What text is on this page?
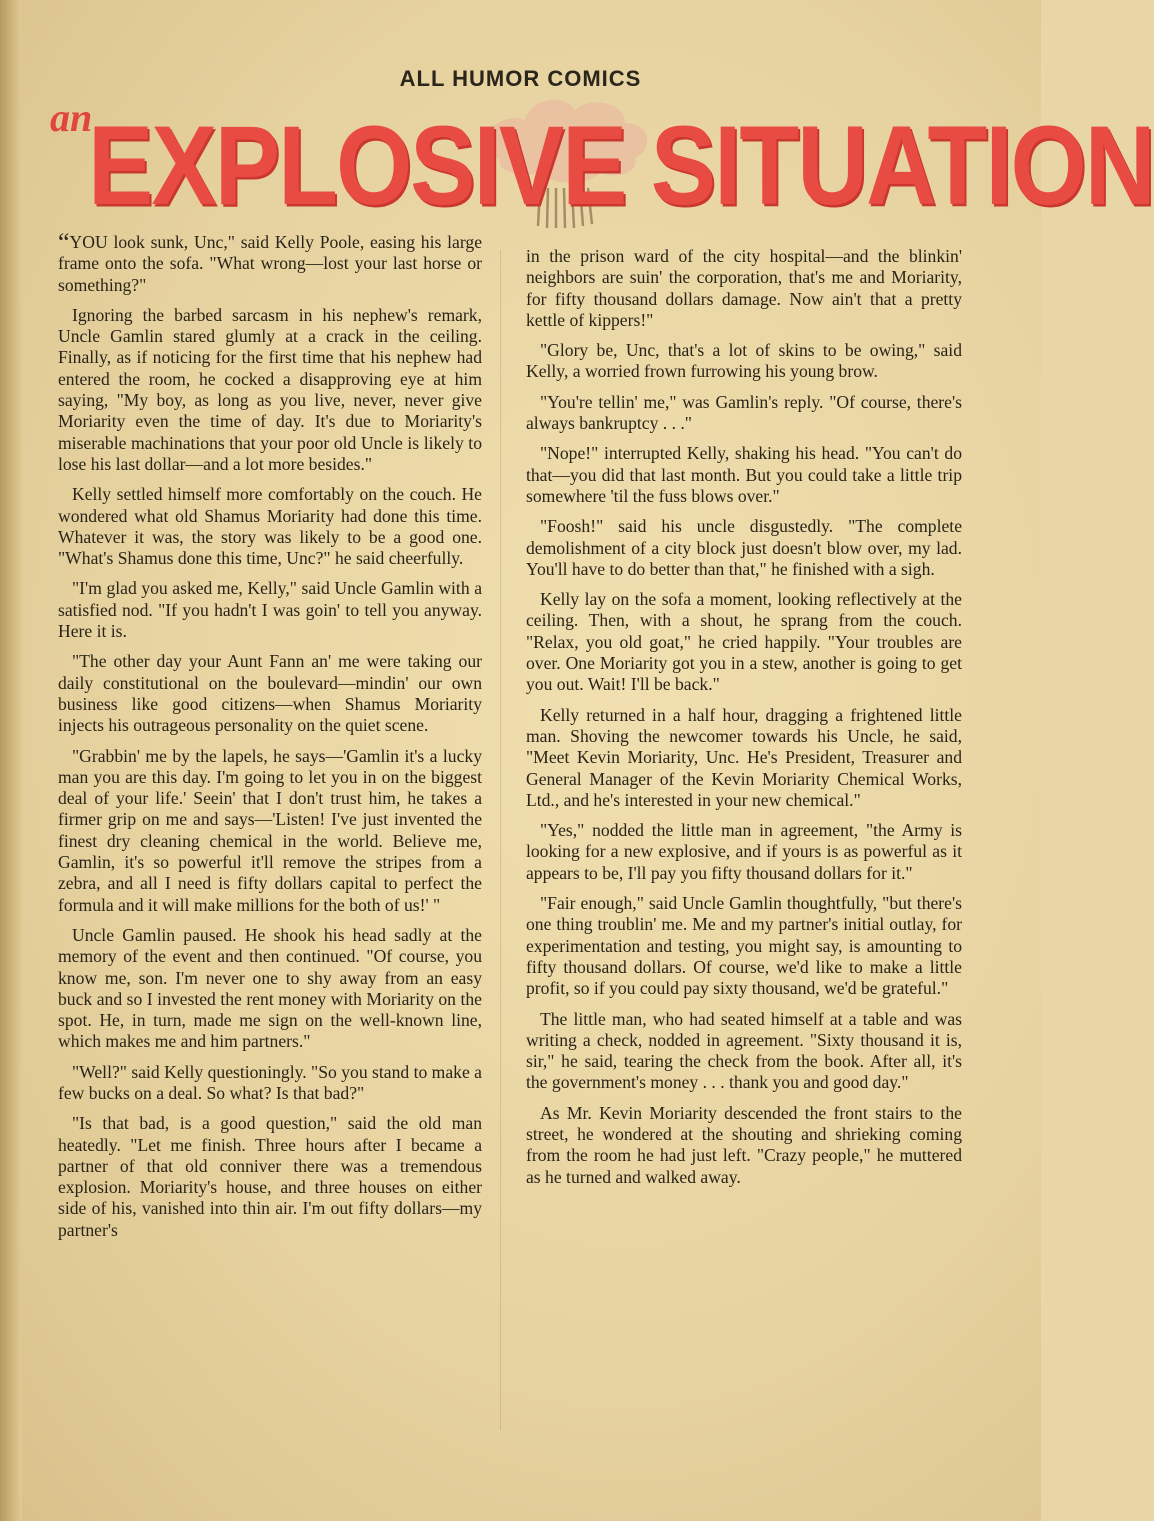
ALL HUMOR COMICS
an
EXPLOSIVE SITUATION

“YOU look sunk, Unc," said Kelly Poole, easing his large frame onto the sofa. "What wrong—lost your last horse or something?"

Ignoring the barbed sarcasm in his nephew's remark, Uncle Gamlin stared glumly at a crack in the ceiling. Finally, as if noticing for the first time that his nephew had entered the room, he cocked a disapproving eye at him saying, "My boy, as long as you live, never, never give Moriarity even the time of day. It's due to Moriarity's miserable machinations that your poor old Uncle is likely to lose his last dollar—and a lot more besides."

Kelly settled himself more comfortably on the couch. He wondered what old Shamus Moriarity had done this time. Whatever it was, the story was likely to be a good one. "What's Shamus done this time, Unc?" he said cheerfully.

"I'm glad you asked me, Kelly," said Uncle Gamlin with a satisfied nod. "If you hadn't I was goin' to tell you anyway. Here it is.

"The other day your Aunt Fann an' me were taking our daily constitutional on the boulevard—mindin' our own business like good citizens—when Shamus Moriarity injects his outrageous personality on the quiet scene.

"Grabbin' me by the lapels, he says—'Gamlin it's a lucky man you are this day. I'm going to let you in on the biggest deal of your life.' Seein' that I don't trust him, he takes a firmer grip on me and says—'Listen! I've just invented the finest dry cleaning chemical in the world. Believe me, Gamlin, it's so powerful it'll remove the stripes from a zebra, and all I need is fifty dollars capital to perfect the formula and it will make millions for the both of us!' "

Uncle Gamlin paused. He shook his head sadly at the memory of the event and then continued. "Of course, you know me, son. I'm never one to shy away from an easy buck and so I invested the rent money with Moriarity on the spot. He, in turn, made me sign on the well-known line, which makes me and him partners."

"Well?" said Kelly questioningly. "So you stand to make a few bucks on a deal. So what? Is that bad?"

"Is that bad, is a good question," said the old man heatedly. "Let me finish. Three hours after I became a partner of that old conniver there was a tremendous explosion. Moriarity's house, and three houses on either side of his, vanished into thin air. I'm out fifty dollars—my partner's

in the prison ward of the city hospital—and the blinkin' neighbors are suin' the corporation, that's me and Moriarity, for fifty thousand dollars damage. Now ain't that a pretty kettle of kippers!"

"Glory be, Unc, that's a lot of skins to be owing," said Kelly, a worried frown furrowing his young brow.

"You're tellin' me," was Gamlin's reply. "Of course, there's always bankruptcy . . ."

"Nope!" interrupted Kelly, shaking his head. "You can't do that—you did that last month. But you could take a little trip somewhere 'til the fuss blows over."

"Foosh!" said his uncle disgustedly. "The complete demolishment of a city block just doesn't blow over, my lad. You'll have to do better than that," he finished with a sigh.

Kelly lay on the sofa a moment, looking reflectively at the ceiling. Then, with a shout, he sprang from the couch. "Relax, you old goat," he cried happily. "Your troubles are over. One Moriarity got you in a stew, another is going to get you out. Wait! I'll be back."

Kelly returned in a half hour, dragging a frightened little man. Shoving the newcomer towards his Uncle, he said, "Meet Kevin Moriarity, Unc. He's President, Treasurer and General Manager of the Kevin Moriarity Chemical Works, Ltd., and he's interested in your new chemical."

"Yes," nodded the little man in agreement, "the Army is looking for a new explosive, and if yours is as powerful as it appears to be, I'll pay you fifty thousand dollars for it."

"Fair enough," said Uncle Gamlin thoughtfully, "but there's one thing troublin' me. Me and my partner's initial outlay, for experimentation and testing, you might say, is amounting to fifty thousand dollars. Of course, we'd like to make a little profit, so if you could pay sixty thousand, we'd be grateful."

The little man, who had seated himself at a table and was writing a check, nodded in agreement. "Sixty thousand it is, sir," he said, tearing the check from the book. After all, it's the government's money . . . thank you and good day."

As Mr. Kevin Moriarity descended the front stairs to the street, he wondered at the shouting and shrieking coming from the room he had just left. "Crazy people," he muttered as he turned and walked away.
